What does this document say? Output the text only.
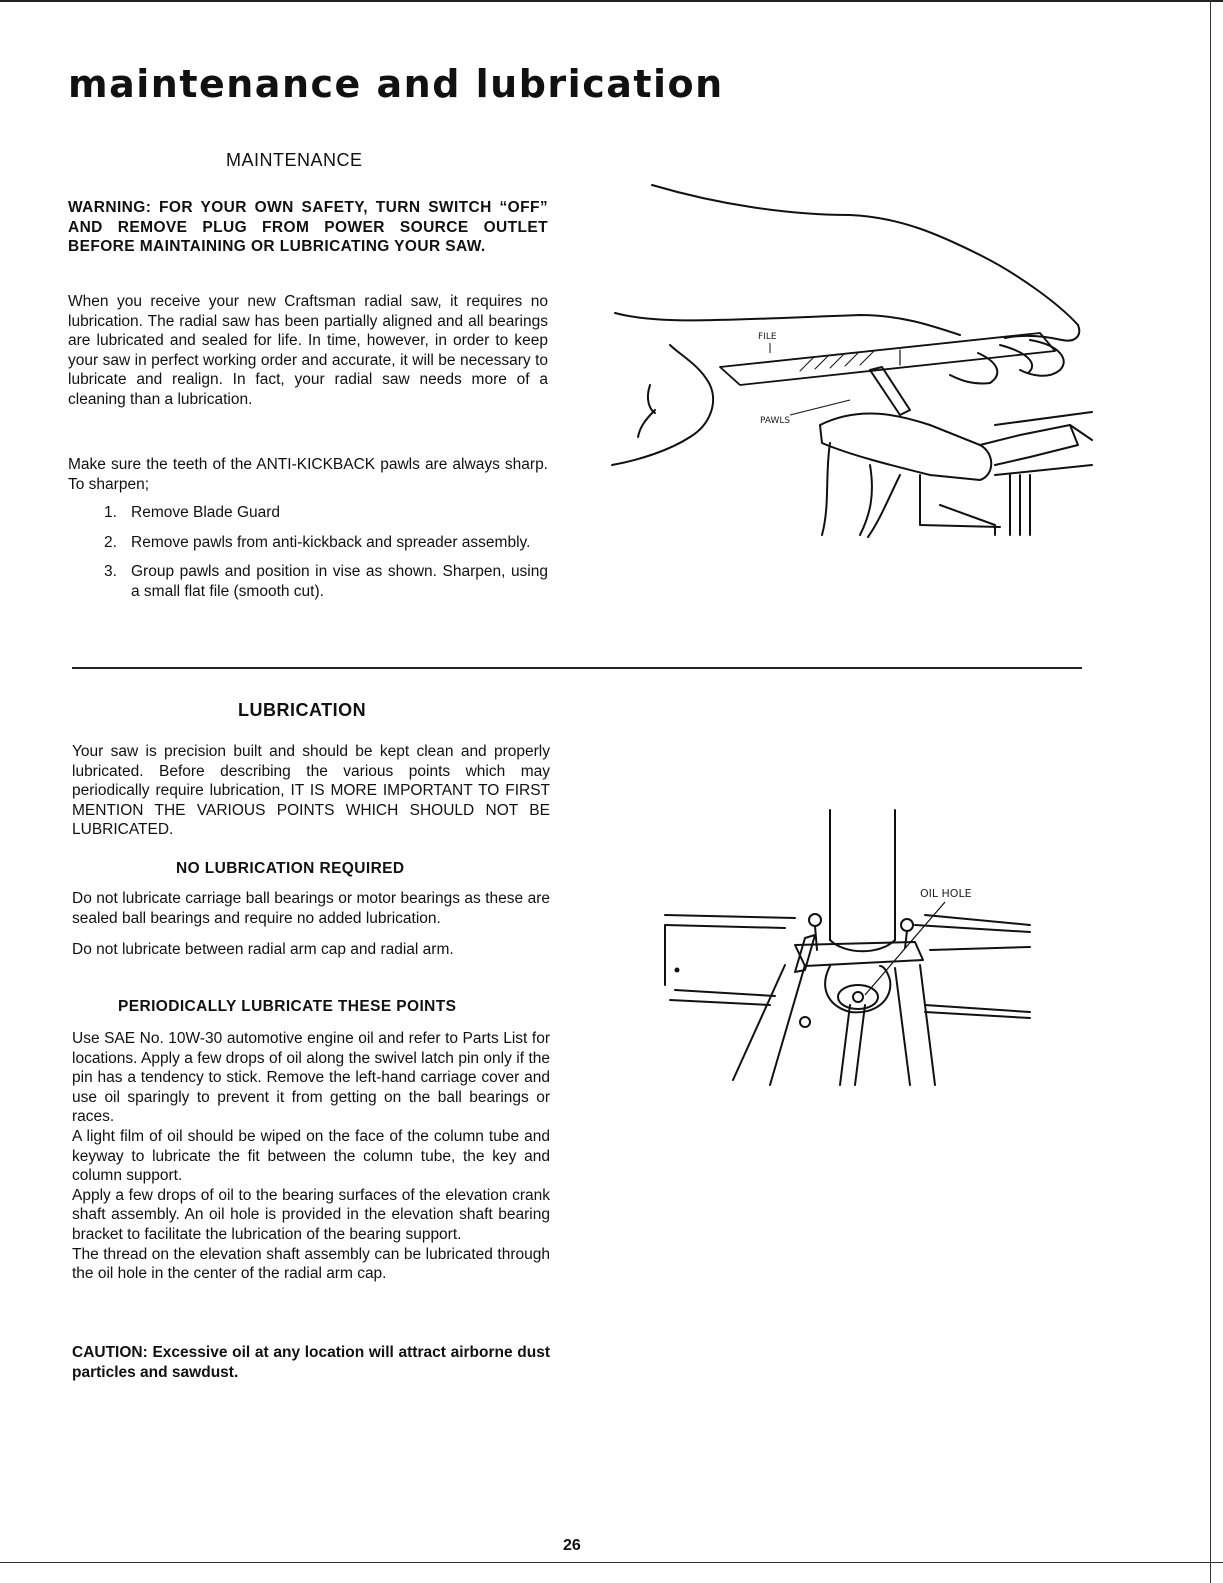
maintenance and lubrication
MAINTENANCE

WARNING: FOR YOUR OWN SAFETY, TURN SWITCH “OFF” AND REMOVE PLUG FROM POWER SOURCE OUTLET BEFORE MAINTAINING OR LUBRICATING YOUR SAW.

When you receive your new Craftsman radial saw, it requires no lubrication. The radial saw has been partially aligned and all bearings are lubricated and sealed for life. In time, however, in order to keep your saw in perfect working order and accurate, it will be necessary to lubricate and realign. In fact, your radial saw needs more of a cleaning than a lubrication.

Make sure the teeth of the ANTI-KICKBACK pawls are always sharp. To sharpen;

1. Remove Blade Guard
2. Remove pawls from anti-kickback and spreader assembly.
3. Group pawls and position in vise as shown. Sharpen, using a small flat file (smooth cut).
FILE
PAWLS
LUBRICATION

Your saw is precision built and should be kept clean and properly lubricated. Before describing the various points which may periodically require lubrication, IT IS MORE IMPORTANT TO FIRST MENTION THE VARIOUS POINTS WHICH SHOULD NOT BE LUBRICATED.

NO LUBRICATION REQUIRED

Do not lubricate carriage ball bearings or motor bearings as these are sealed ball bearings and require no added lubrication.

Do not lubricate between radial arm cap and radial arm.

PERIODICALLY LUBRICATE THESE POINTS

Use SAE No. 10W-30 automotive engine oil and refer to Parts List for locations. Apply a few drops of oil along the swivel latch pin only if the pin has a tendency to stick. Remove the left-hand carriage cover and use oil sparingly to prevent it from getting on the ball bearings or races.

A light film of oil should be wiped on the face of the column tube and keyway to lubricate the fit between the column tube, the key and column support.

Apply a few drops of oil to the bearing surfaces of the elevation crank shaft assembly. An oil hole is provided in the elevation shaft bearing bracket to facilitate the lubrication of the bearing support.

The thread on the elevation shaft assembly can be lubricated through the oil hole in the center of the radial arm cap.

CAUTION: Excessive oil at any location will attract airborne dust particles and sawdust.

OIL HOLE
26
